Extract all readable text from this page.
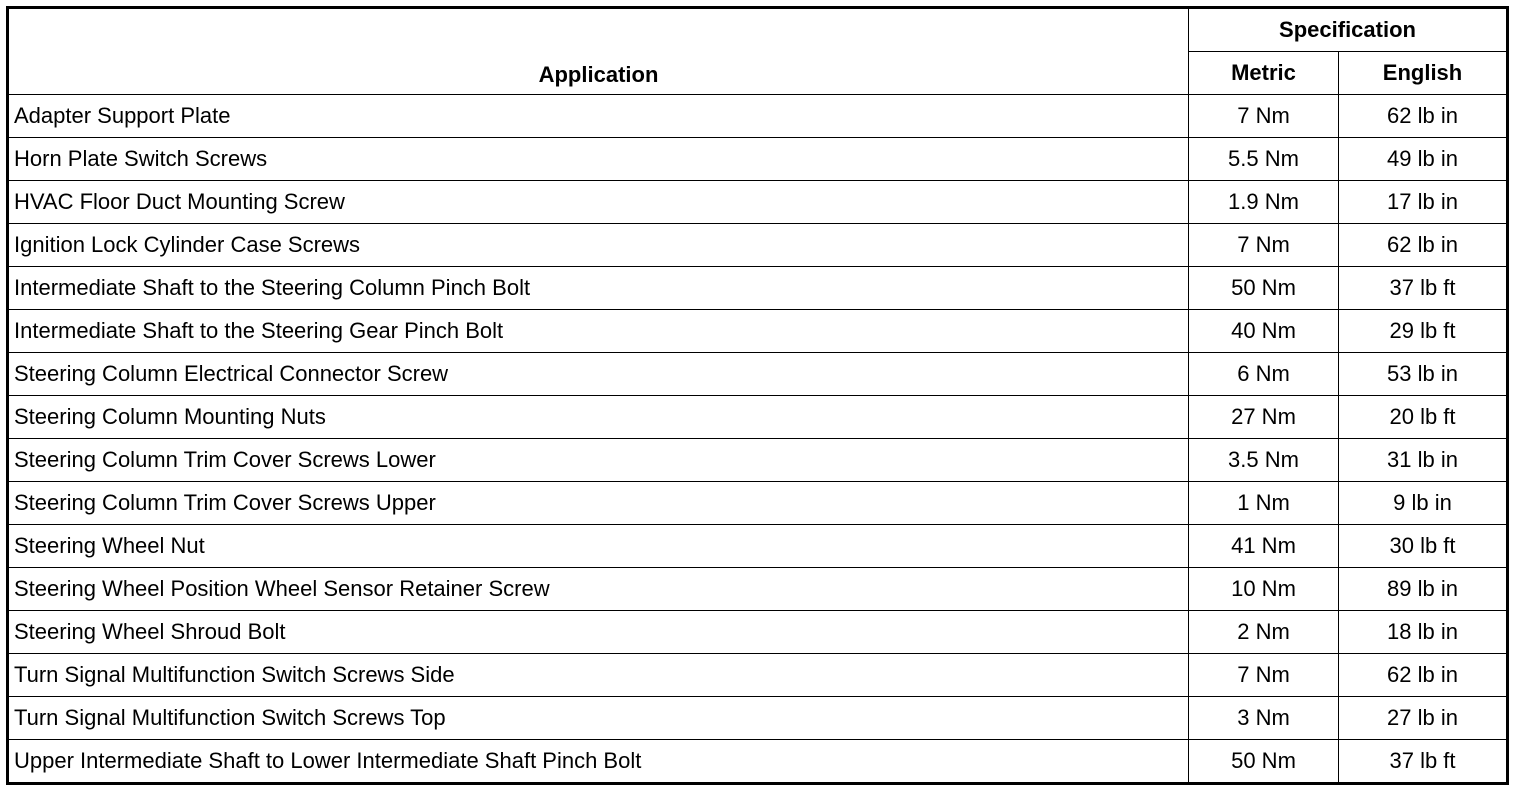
Application	Specification	
	Metric	English
Adapter Support Plate	7 Nm	62 lb in
Horn Plate Switch Screws	5.5 Nm	49 lb in
HVAC Floor Duct Mounting Screw	1.9 Nm	17 lb in
Ignition Lock Cylinder Case Screws	7 Nm	62 lb in
Intermediate Shaft to the Steering Column Pinch Bolt	50 Nm	37 lb ft
Intermediate Shaft to the Steering Gear Pinch Bolt	40 Nm	29 lb ft
Steering Column Electrical Connector Screw	6 Nm	53 lb in
Steering Column Mounting Nuts	27 Nm	20 lb ft
Steering Column Trim Cover Screws Lower	3.5 Nm	31 lb in
Steering Column Trim Cover Screws Upper	1 Nm	9 lb in
Steering Wheel Nut	41 Nm	30 lb ft
Steering Wheel Position Wheel Sensor Retainer Screw	10 Nm	89 lb in
Steering Wheel Shroud Bolt	2 Nm	18 lb in
Turn Signal Multifunction Switch Screws Side	7 Nm	62 lb in
Turn Signal Multifunction Switch Screws Top	3 Nm	27 lb in
Upper Intermediate Shaft to Lower Intermediate Shaft Pinch Bolt	50 Nm	37 lb ft
